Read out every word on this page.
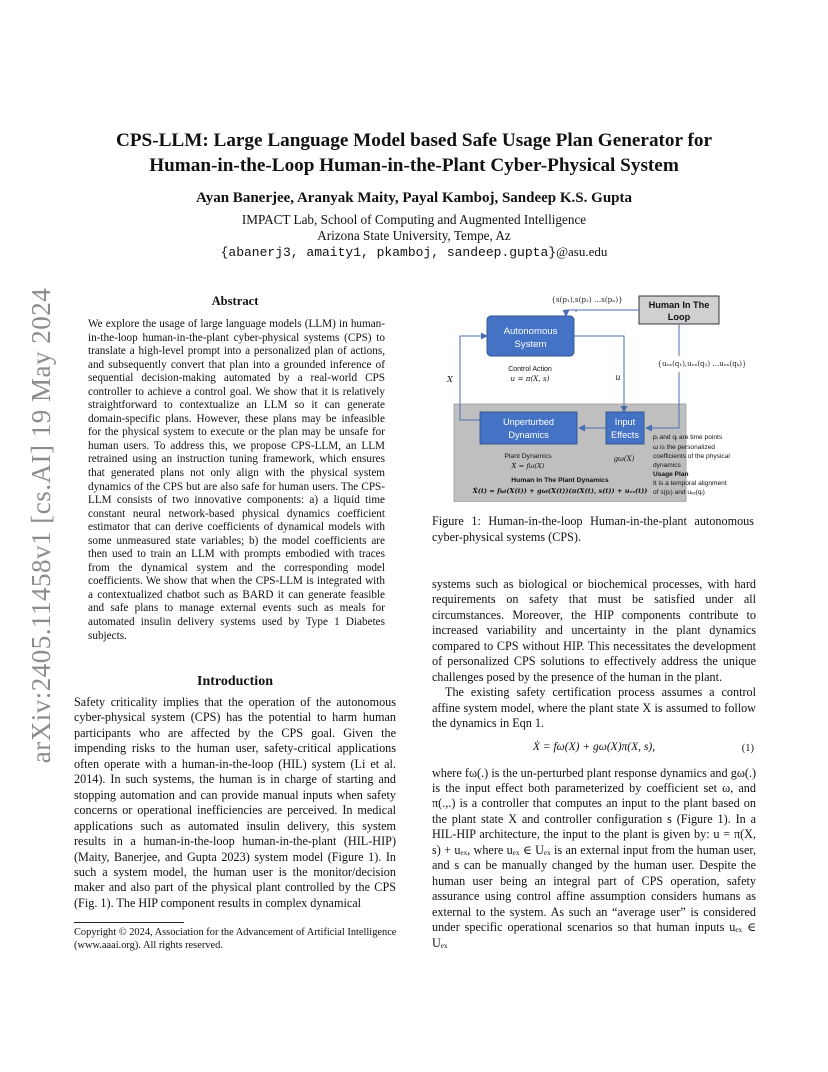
arXiv:2405.11458v1 [cs.AI] 19 May 2024
CPS-LLM: Large Language Model based Safe Usage Plan Generator for
Human-in-the-Loop Human-in-the-Plant Cyber-Physical System
Ayan Banerjee, Aranyak Maity, Payal Kamboj, Sandeep K.S. Gupta
IMPACT Lab, School of Computing and Augmented Intelligence
Arizona State University, Tempe, Az
{abanerj3, amaity1, pkamboj, sandeep.gupta}@asu.edu
Abstract
We explore the usage of large language models (LLM) in human-in-the-loop human-in-the-plant cyber-physical systems (CPS) to translate a high-level prompt into a personalized plan of actions, and subsequently convert that plan into a grounded inference of sequential decision-making automated by a real-world CPS controller to achieve a control goal. We show that it is relatively straightforward to contextualize an LLM so it can generate domain-specific plans. However, these plans may be infeasible for the physical system to execute or the plan may be unsafe for human users. To address this, we propose CPS-LLM, an LLM retrained using an instruction tuning framework, which ensures that generated plans not only align with the physical system dynamics of the CPS but are also safe for human users. The CPS-LLM consists of two innovative components: a) a liquid time constant neural network-based physical dynamics coefficient estimator that can derive coefficients of dynamical models with some unmeasured state variables; b) the model coefficients are then used to train an LLM with prompts embodied with traces from the dynamical system and the corresponding model coefficients. We show that when the CPS-LLM is integrated with a contextualized chatbot such as BARD it can generate feasible and safe plans to manage external events such as meals for automated insulin delivery systems used by Type 1 Diabetes subjects.
Introduction
Safety criticality implies that the operation of the autonomous cyber-physical system (CPS) has the potential to harm human participants who are affected by the CPS goal. Given the impending risks to the human user, safety-critical applications often operate with a human-in-the-loop (HIL) system (Li et al. 2014). In such systems, the human is in charge of starting and stopping automation and can provide manual inputs when safety concerns or operational inefficiencies are perceived. In medical applications such as automated insulin delivery, this system results in a human-in-the-loop human-in-the-plant (HIL-HIP) (Maity, Banerjee, and Gupta 2023) system model (Figure 1). In such a system model, the human user is the monitor/decision maker and also part of the physical plant controlled by the CPS (Fig. 1). The HIP component results in complex dynamical
Copyright © 2024, Association for the Advancement of Artificial Intelligence (www.aaai.org). All rights reserved.
Human In The
Loop
{s(p₁),s(p₂) …s(pₙ)}
Autonomous
System
Control Action
u = π(X, s)
X	u
{uₑₓ(q₁),uₑₓ(q₂) …uₑₓ(qₖ)}
Unperturbed
Dynamics
Input
Effects
Plant Dynamics
Ẋ = fω(X)
gω(X)
Human In The Plant Dynamics
Ẋ(t) = fω(X(t)) + gω(X(t))(π(X(t), s(t)) + uₑₓ(t))
pᵢ and qᵢ are time points
ω is the personalized
coefficients of the physical
dynamics
Usage Plan
It is a temporal alignment
of s(pᵢ) and uₑₓ(qᵢ)
Figure 1: Human-in-the-loop Human-in-the-plant autonomous cyber-physical systems (CPS).

systems such as biological or biochemical processes, with hard requirements on safety that must be satisfied under all circumstances. Moreover, the HIP components contribute to increased variability and uncertainty in the plant dynamics compared to CPS without HIP. This necessitates the development of personalized CPS solutions to effectively address the unique challenges posed by the presence of the human in the plant.

The existing safety certification process assumes a control affine system model, where the plant state X is assumed to follow the dynamics in Eqn 1.

Ẋ = fω(X) + gω(X)π(X, s),	(1)

where fω(.) is the un-perturbed plant response dynamics and gω(.) is the input effect both parameterized by coefficient set ω, and π(.,.) is a controller that computes an input to the plant based on the plant state X and controller configuration s (Figure 1). In a HIL-HIP architecture, the input to the plant is given by: u = π(X, s) + uₑₓ, where uₑₓ ∈ Uₑₓ is an external input from the human user, and s can be manually changed by the human user. Despite the human user being an integral part of CPS operation, safety assurance using control affine assumption considers humans as external to the system. As such an “average user” is considered under specific operational scenarios so that human inputs uₑₓ ∈ Uₑₓ
